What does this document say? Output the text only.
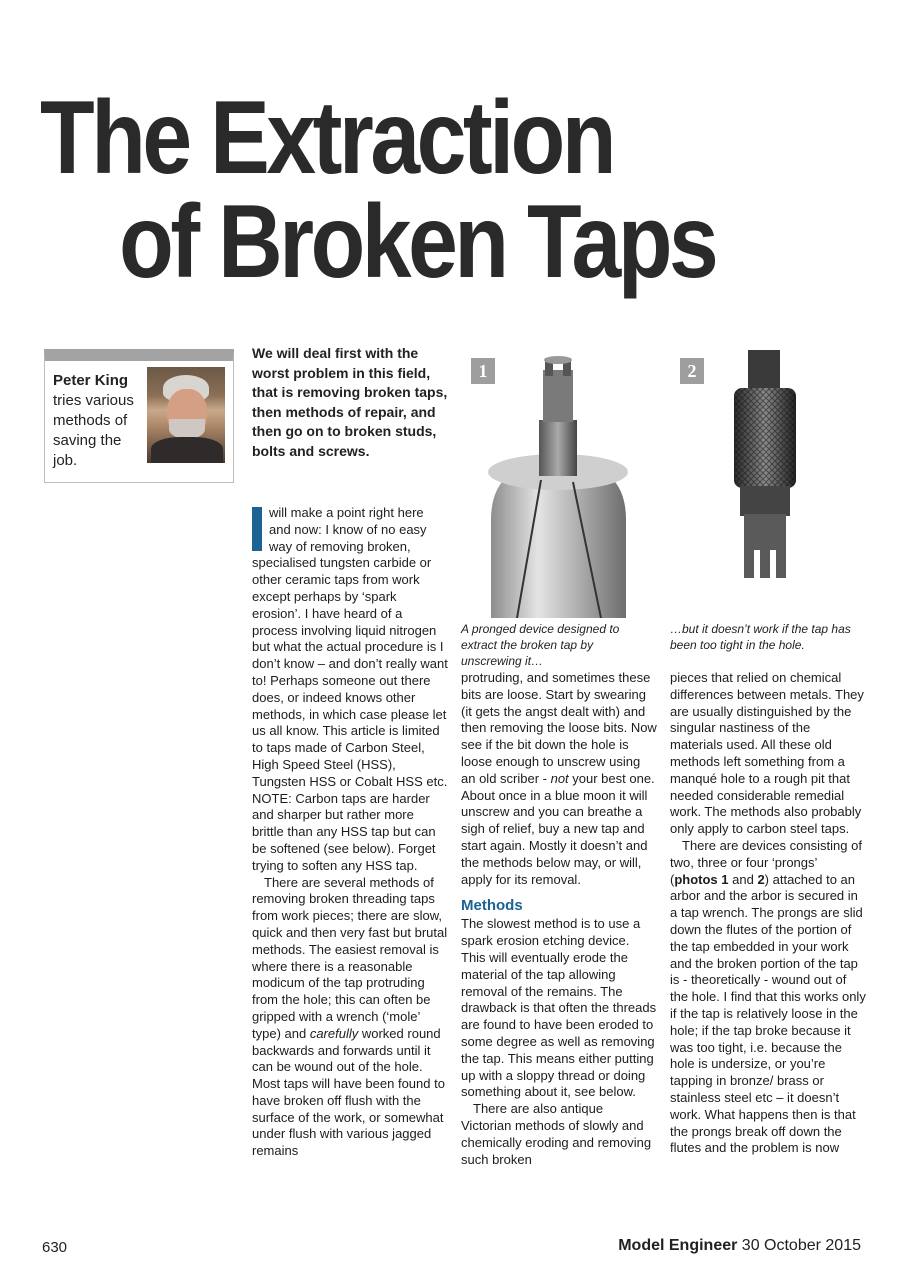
The Extraction
of Broken Taps
Peter King
tries various methods of saving the job.
We will deal first with the worst problem in this field, that is removing broken taps, then methods of repair, and then go on to broken studs, bolts and screws.

will make a point right here and now: I know of no easy way of removing broken, specialised tungsten carbide or other ceramic taps from work except perhaps by ‘spark erosion’. I have heard of a process involving liquid nitrogen but what the actual procedure is I don’t know – and don’t really want to! Perhaps someone out there does, or indeed knows other methods, in which case please let us all know. This article is limited to taps made of Carbon Steel, High Speed Steel (HSS), Tungsten HSS or Cobalt HSS etc. NOTE: Carbon taps are harder and sharper but rather more brittle than any HSS tap but can be softened (see below). Forget trying to soften any HSS tap.

There are several methods of removing broken threading taps from work pieces; there are slow, quick and then very fast but brutal methods. The easiest removal is where there is a reasonable modicum of the tap protruding from the hole; this can often be gripped with a wrench (‘mole’ type) and carefully worked round backwards and forwards until it can be wound out of the hole. Most taps will have been found to have broken off flush with the surface of the work, or somewhat under flush with various jagged remains

1
A pronged device designed to extract the broken tap by unscrewing it…
2
…but it doesn’t work if the tap has been too tight in the hole.

protruding, and sometimes these bits are loose. Start by swearing (it gets the angst dealt with) and then removing the loose bits. Now see if the bit down the hole is loose enough to unscrew using an old scriber - not your best one. About once in a blue moon it will unscrew and you can breathe a sigh of relief, buy a new tap and start again. Mostly it doesn’t and the methods below may, or will, apply for its removal.

Methods

The slowest method is to use a spark erosion etching device. This will eventually erode the material of the tap allowing removal of the remains. The drawback is that often the threads are found to have been eroded to some degree as well as removing the tap. This means either putting up with a sloppy thread or doing something about it, see below.

There are also antique Victorian methods of slowly and chemically eroding and removing such broken

pieces that relied on chemical differences between metals. They are usually distinguished by the singular nastiness of the materials used. All these old methods left something from a manqué hole to a rough pit that needed considerable remedial work. The methods also probably only apply to carbon steel taps.

There are devices consisting of two, three or four ‘prongs’ (photos 1 and 2) attached to an arbor and the arbor is secured in a tap wrench. The prongs are slid down the flutes of the portion of the tap embedded in your work and the broken portion of the tap is - theoretically - wound out of the hole. I find that this works only if the tap is relatively loose in the hole; if the tap broke because it was too tight, i.e. because the hole is undersize, or you’re tapping in bronze/ brass or stainless steel etc – it doesn’t work. What happens then is that the prongs break off down the flutes and the problem is now

630	Model Engineer 30 October 2015
